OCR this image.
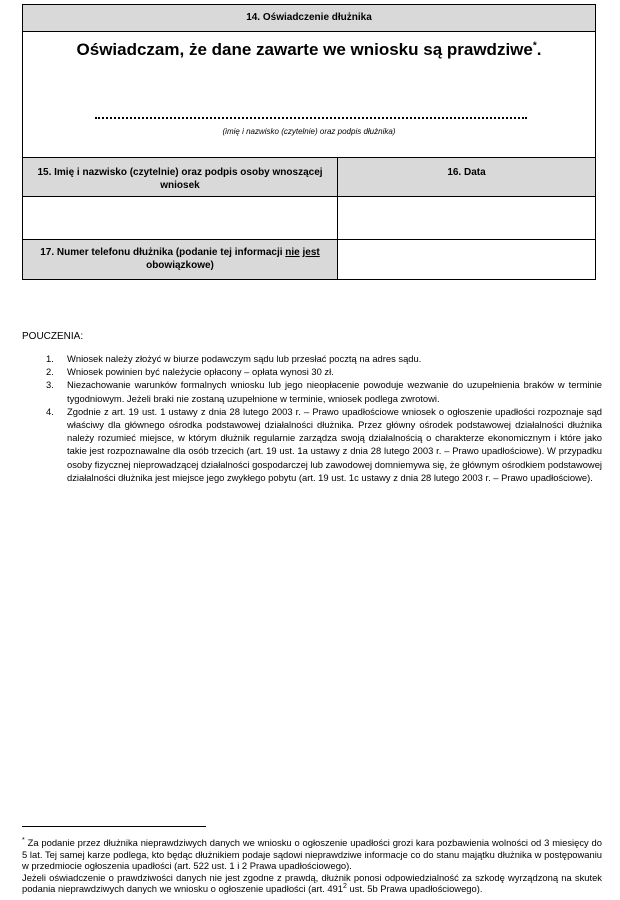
14. Oświadczenie dłużnika
Oświadczam, że dane zawarte we wniosku są prawdziwe*.
(imię i nazwisko (czytelnie) oraz podpis dłużnika)
15. Imię i nazwisko (czytelnie) oraz podpis osoby wnoszącej wniosek
16. Data
17. Numer telefonu dłużnika (podanie tej informacji nie jest obowiązkowe)
POUCZENIA:
1. Wniosek należy złożyć w biurze podawczym sądu lub przesłać pocztą na adres sądu.
2. Wniosek powinien być należycie opłacony – opłata wynosi 30 zł.
3. Niezachowanie warunków formalnych wniosku lub jego nieopłacenie powoduje wezwanie do uzupełnienia braków w terminie tygodniowym. Jeżeli braki nie zostaną uzupełnione w terminie, wniosek podlega zwrotowi.
4. Zgodnie z art. 19 ust. 1 ustawy z dnia 28 lutego 2003 r. – Prawo upadłościowe wniosek o ogłoszenie upadłości rozpoznaje sąd właściwy dla głównego ośrodka podstawowej działalności dłużnika. Przez główny ośrodek podstawowej działalności dłużnika należy rozumieć miejsce, w którym dłużnik regularnie zarządza swoją działalnością o charakterze ekonomicznym i które jako takie jest rozpoznawalne dla osób trzecich (art. 19 ust. 1a ustawy z dnia 28 lutego 2003 r. – Prawo upadłościowe). W przypadku osoby fizycznej nieprowadzącej działalności gospodarczej lub zawodowej domniemywa się, że głównym ośrodkiem podstawowej działalności dłużnika jest miejsce jego zwykłego pobytu (art. 19 ust. 1c ustawy z dnia 28 lutego 2003 r. – Prawo upadłościowe).

* Za podanie przez dłużnika nieprawdziwych danych we wniosku o ogłoszenie upadłości grozi kara pozbawienia wolności od 3 miesięcy do 5 lat. Tej samej karze podlega, kto będąc dłużnikiem podaje sądowi nieprawdziwe informacje co do stanu majątku dłużnika w postępowaniu w przedmiocie ogłoszenia upadłości (art. 522 ust. 1 i 2 Prawa upadłościowego).

Jeżeli oświadczenie o prawdziwości danych nie jest zgodne z prawdą, dłużnik ponosi odpowiedzialność za szkodę wyrządzoną na skutek podania nieprawdziwych danych we wniosku o ogłoszenie upadłości (art. $491^2$ ust. 5b Prawa upadłościowego).
